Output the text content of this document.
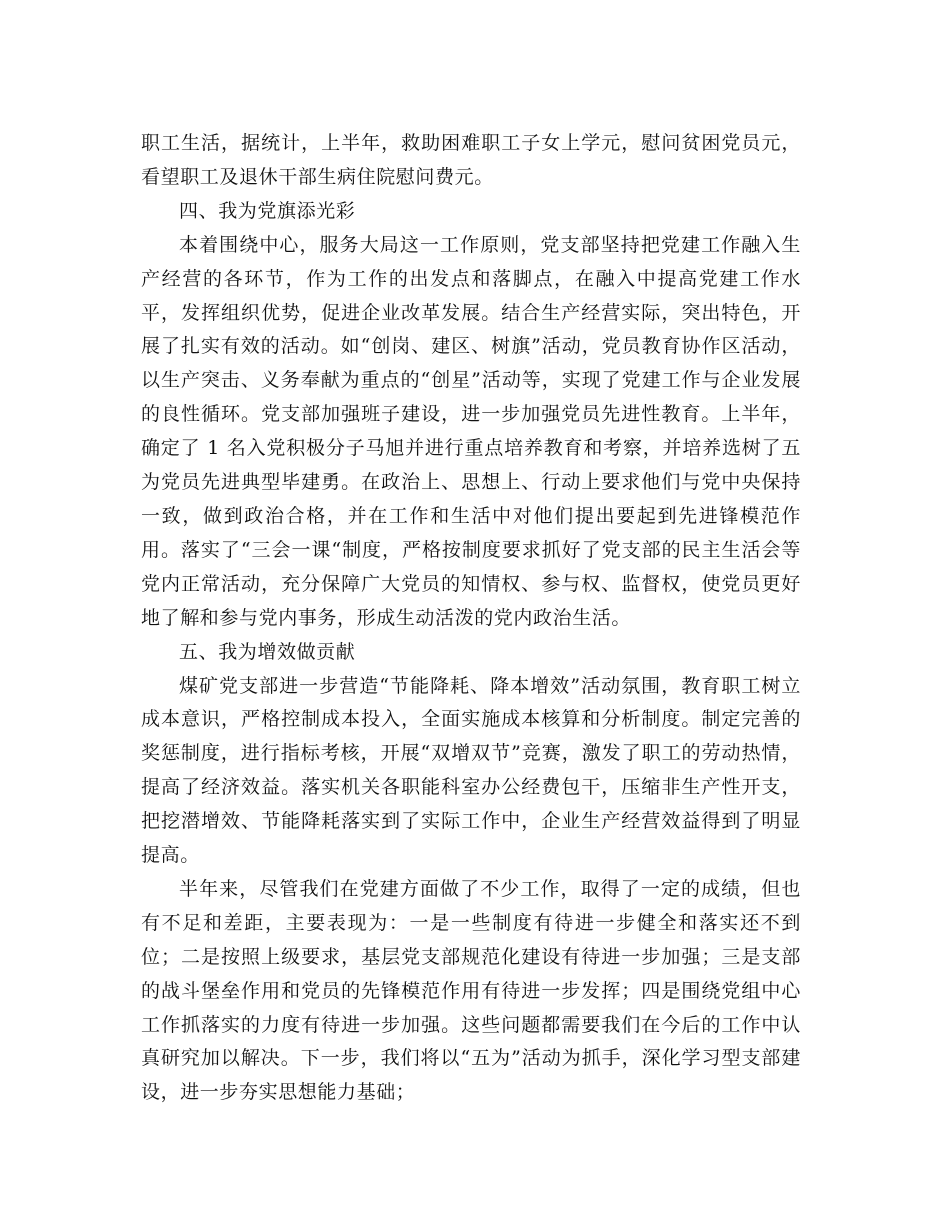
职工生活，据统计，上半年，救助困难职工子女上学元，慰问贫困党员元，看望职工及退休干部生病住院慰问费元。

四、我为党旗添光彩

本着围绕中心，服务大局这一工作原则，党支部坚持把党建工作融入生产经营的各环节，作为工作的出发点和落脚点，在融入中提高党建工作水平，发挥组织优势，促进企业改革发展。结合生产经营实际，突出特色，开展了扎实有效的活动。如“创岗、建区、树旗”活动，党员教育协作区活动，以生产突击、义务奉献为重点的“创星”活动等，实现了党建工作与企业发展的良性循环。党支部加强班子建设，进一步加强党员先进性教育。上半年，确定了 1 名入党积极分子马旭并进行重点培养教育和考察，并培养选树了五为党员先进典型毕建勇。在政治上、思想上、行动上要求他们与党中央保持一致，做到政治合格，并在工作和生活中对他们提出要起到先进锋模范作用。落实了“三会一课“制度，严格按制度要求抓好了党支部的民主生活会等党内正常活动，充分保障广大党员的知情权、参与权、监督权，使党员更好地了解和参与党内事务，形成生动活泼的党内政治生活。

五、我为增效做贡献

煤矿党支部进一步营造“节能降耗、降本增效”活动氛围，教育职工树立成本意识，严格控制成本投入，全面实施成本核算和分析制度。制定完善的奖惩制度，进行指标考核，开展“双增双节”竞赛，激发了职工的劳动热情，提高了经济效益。落实机关各职能科室办公经费包干，压缩非生产性开支，把挖潜增效、节能降耗落实到了实际工作中，企业生产经营效益得到了明显提高。

半年来，尽管我们在党建方面做了不少工作，取得了一定的成绩，但也有不足和差距，主要表现为：一是一些制度有待进一步健全和落实还不到位；二是按照上级要求，基层党支部规范化建设有待进一步加强；三是支部的战斗堡垒作用和党员的先锋模范作用有待进一步发挥；四是围绕党组中心工作抓落实的力度有待进一步加强。这些问题都需要我们在今后的工作中认真研究加以解决。下一步，我们将以“五为”活动为抓手，深化学习型支部建设，进一步夯实思想能力基础；
